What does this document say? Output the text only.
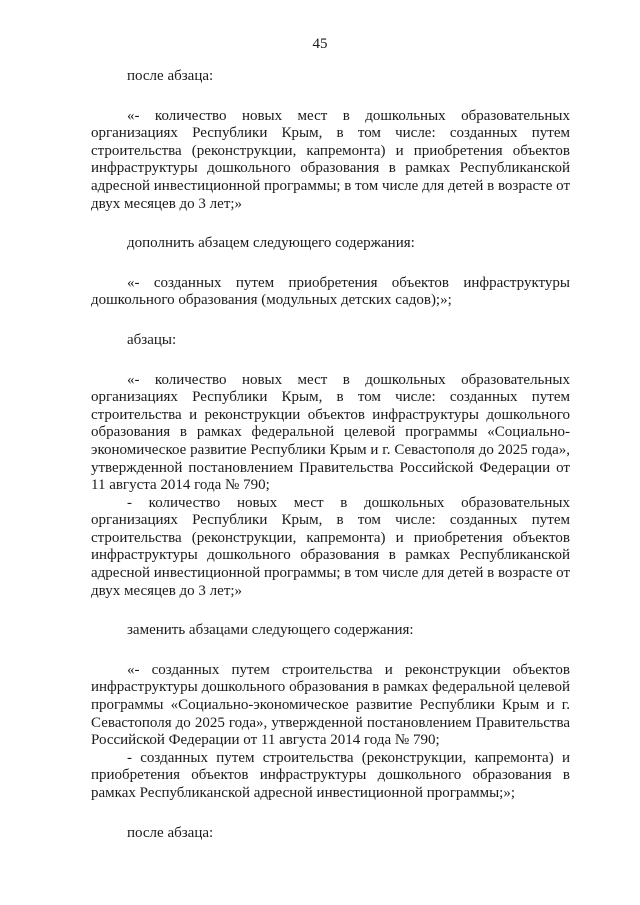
45

после абзаца:

«- количество новых мест в дошкольных образовательных организациях Республики Крым, в том числе: созданных путем строительства (реконструкции, капремонта) и приобретения объектов инфраструктуры дошкольного образования в рамках Республиканской адресной инвестиционной программы; в том числе для детей в возрасте от двух месяцев до 3 лет;»

дополнить абзацем следующего содержания:

«- созданных путем приобретения объектов инфраструктуры дошкольного образования (модульных детских садов);»;

абзацы:

«- количество новых мест в дошкольных образовательных организациях Республики Крым, в том числе: созданных путем строительства и реконструкции объектов инфраструктуры дошкольного образования в рамках федеральной целевой программы «Социально-экономическое развитие Республики Крым и г. Севастополя до 2025 года», утвержденной постановлением Правительства Российской Федерации от 11 августа 2014 года № 790;

- количество новых мест в дошкольных образовательных организациях Республики Крым, в том числе: созданных путем строительства (реконструкции, капремонта) и приобретения объектов инфраструктуры дошкольного образования в рамках Республиканской адресной инвестиционной программы; в том числе для детей в возрасте от двух месяцев до 3 лет;»

заменить абзацами следующего содержания:

«- созданных путем строительства и реконструкции объектов инфраструктуры дошкольного образования в рамках федеральной целевой программы «Социально-экономическое развитие Республики Крым и г. Севастополя до 2025 года», утвержденной постановлением Правительства Российской Федерации от 11 августа 2014 года № 790;

- созданных путем строительства (реконструкции, капремонта) и приобретения объектов инфраструктуры дошкольного образования в рамках Республиканской адресной инвестиционной программы;»;

после абзаца:
